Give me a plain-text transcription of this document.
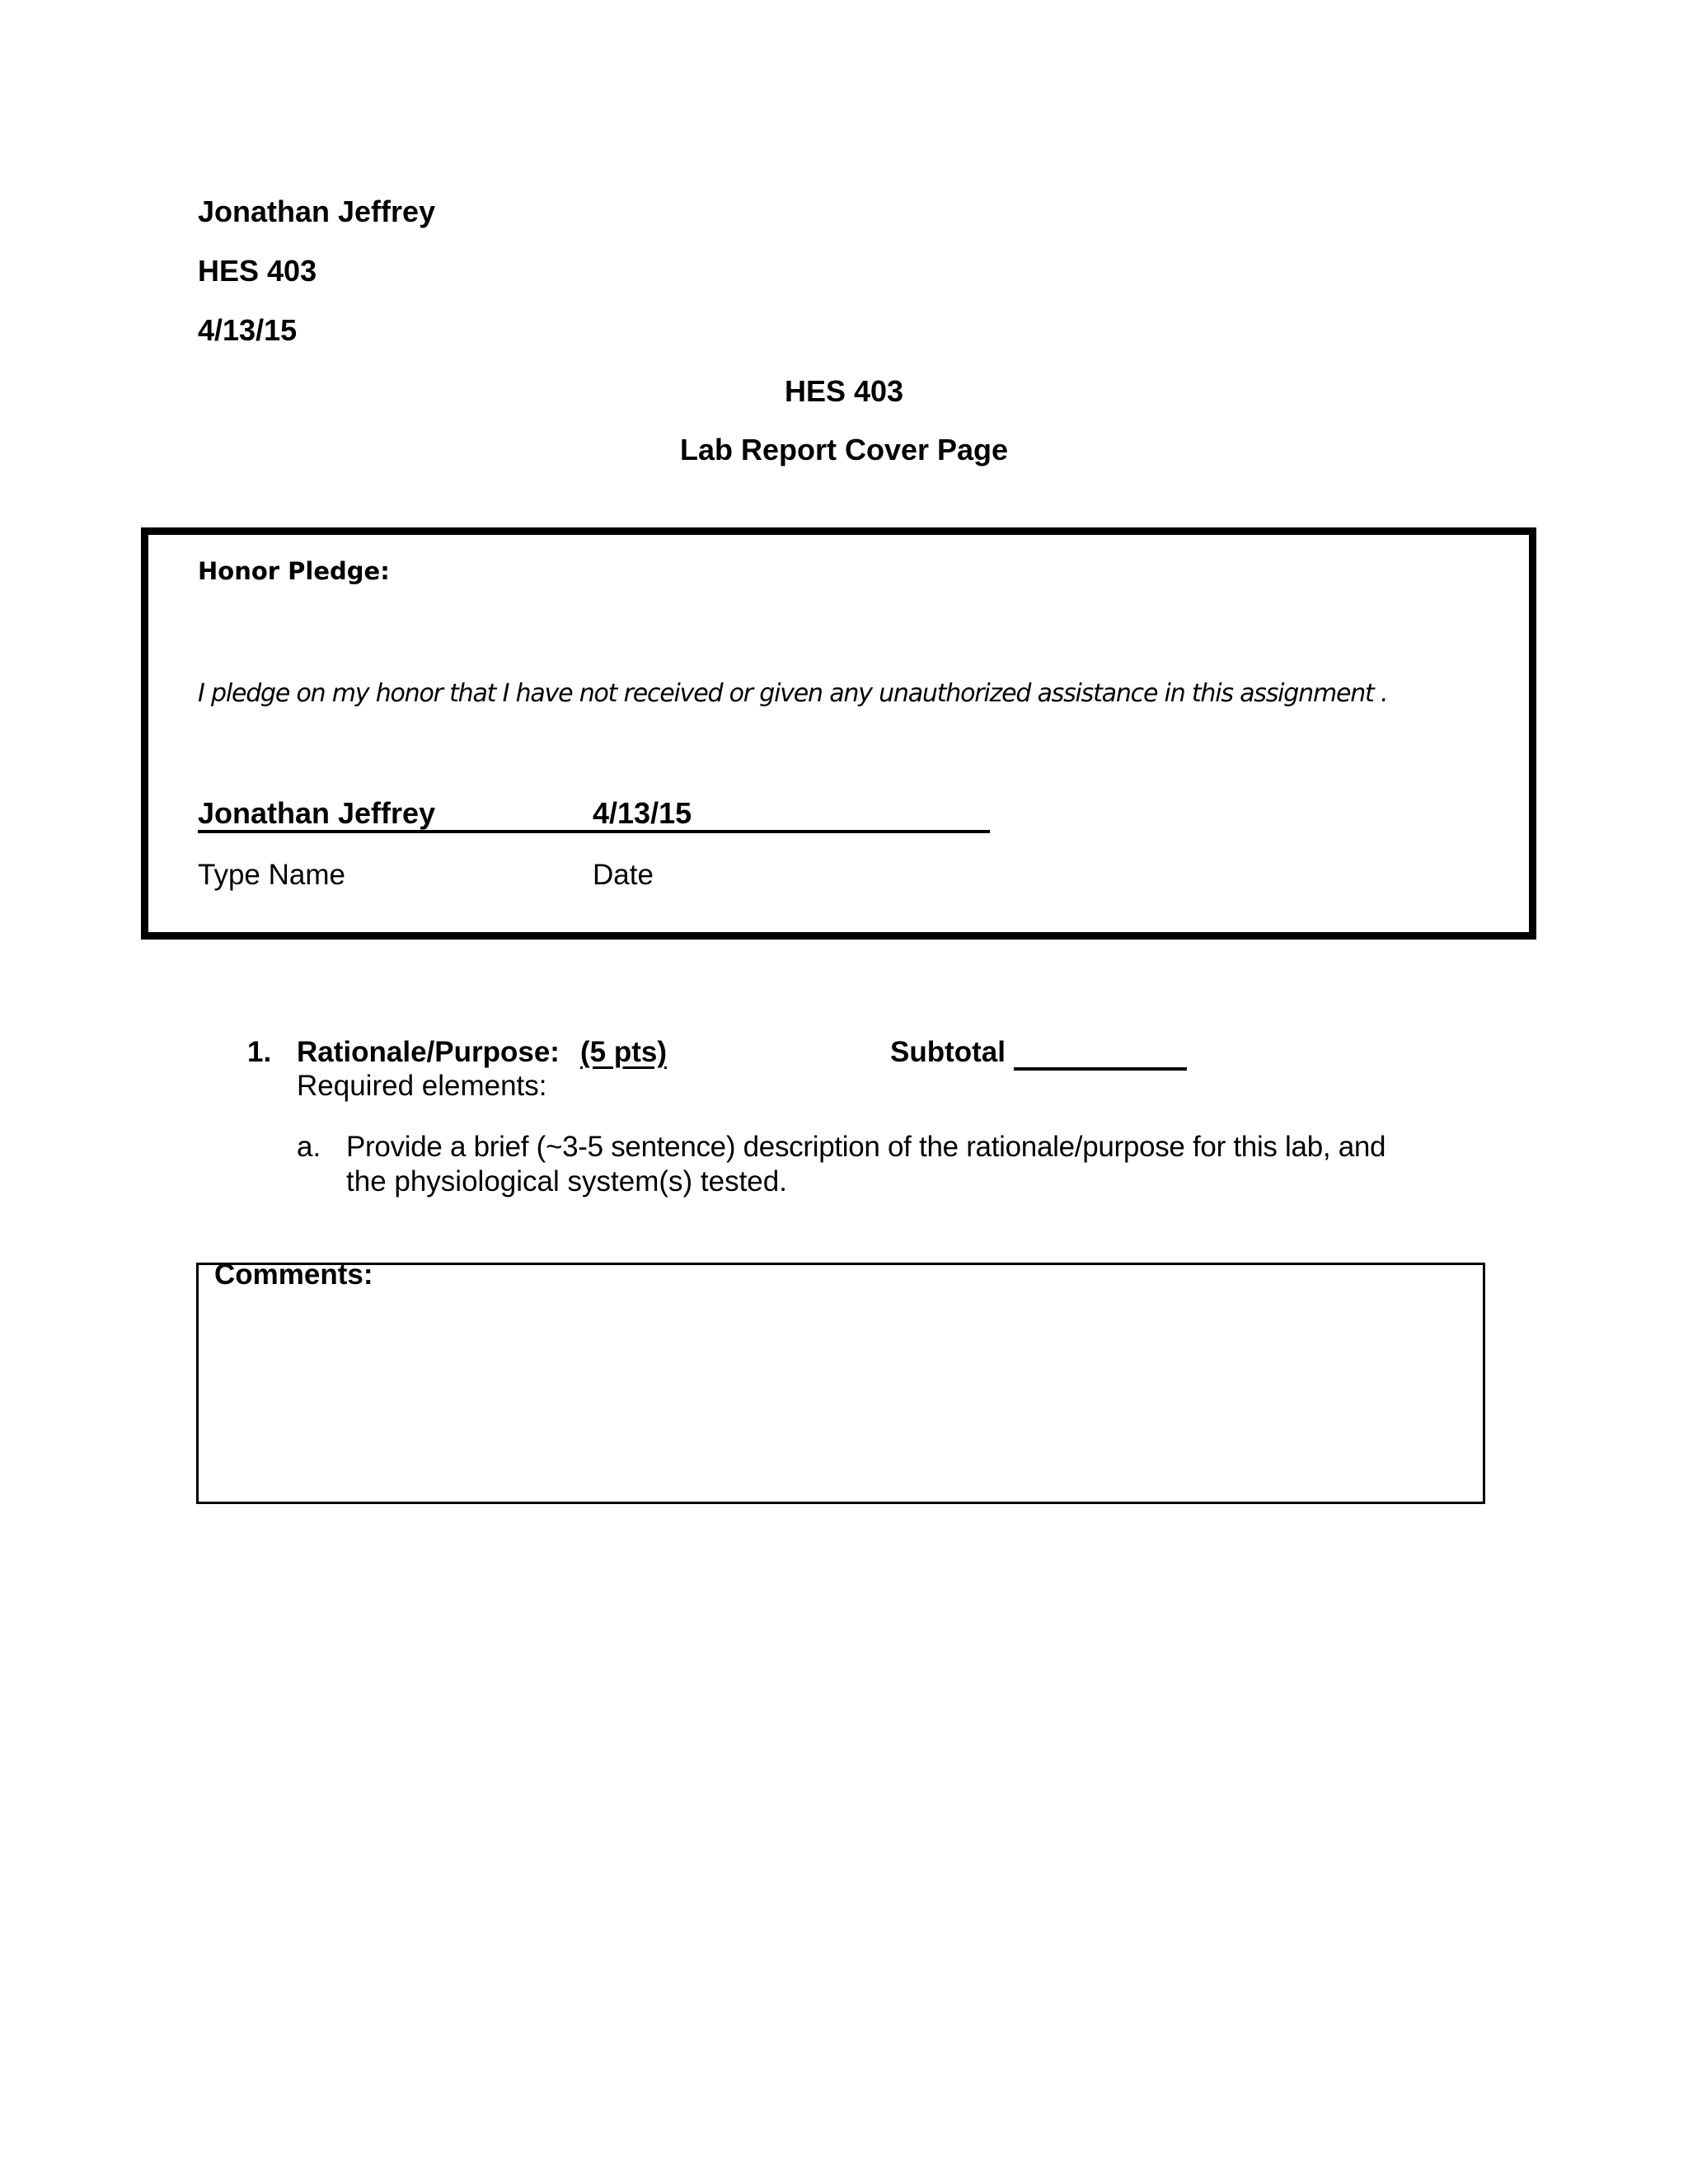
Jonathan Jeffrey
HES 403
4/13/15
HES 403
Lab Report Cover Page
Honor Pledge:
I pledge on my honor that I have not received or given any unauthorized assistance in this assignment .
Jonathan Jeffrey	4/13/15
Type Name	Date
1. Rationale/Purpose: (5 pts)	Subtotal
Required elements:
a. Provide a brief (~3-5 sentence) description of the rationale/purpose for this lab, and
the physiological system(s) tested.
Comments:
